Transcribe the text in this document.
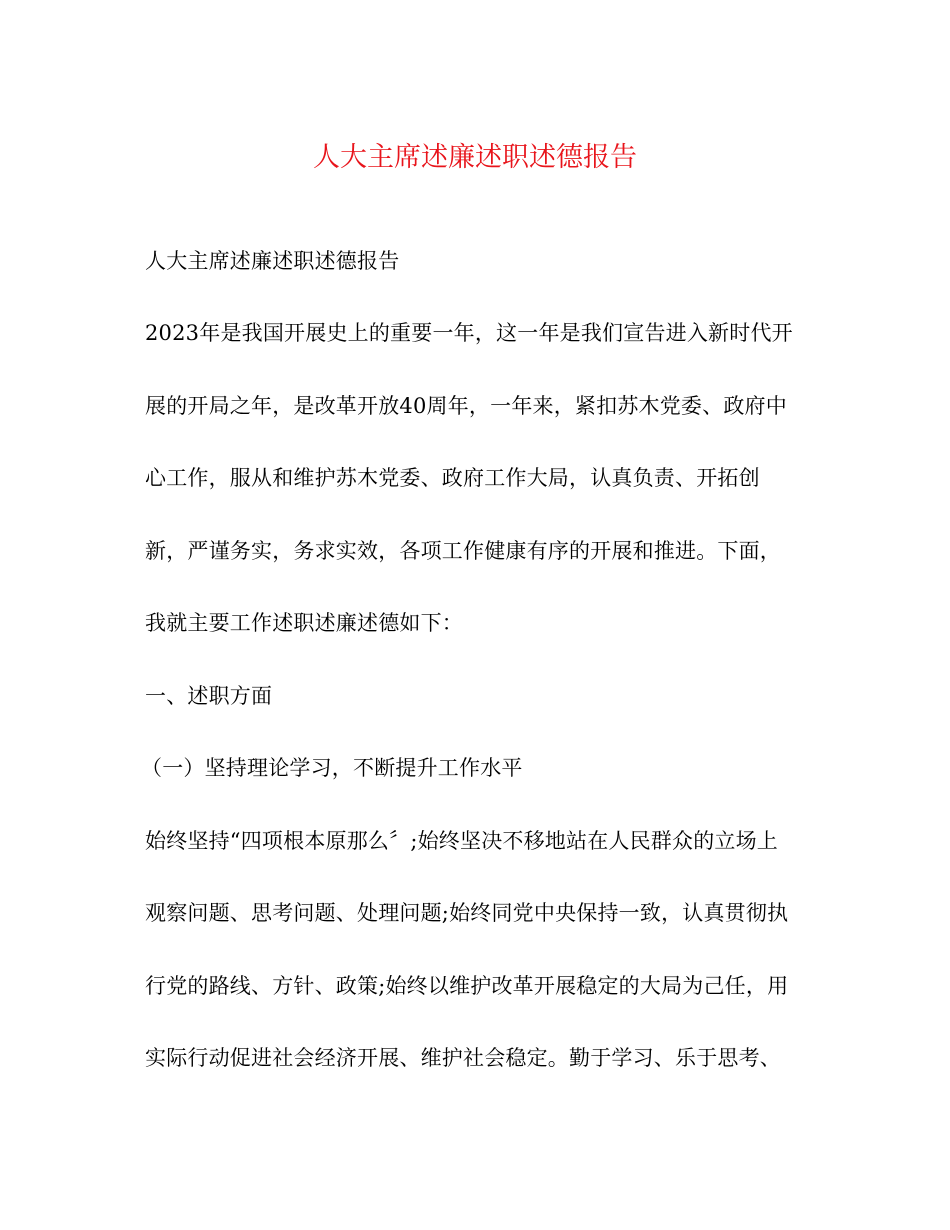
人大主席述廉述职述德报告
人大主席述廉述职述德报告
2023年是我国开展史上的重要一年，这一年是我们宣告进入新时代开
展的开局之年，是改革开放40周年，一年来，紧扣苏木党委、政府中
心工作，服从和维护苏木党委、政府工作大局，认真负责、开拓创
新，严谨务实，务求实效，各项工作健康有序的开展和推进。下面，
我就主要工作述职述廉述德如下：
一、述职方面
（一）坚持理论学习，不断提升工作水平
始终坚持“四项根本原那么〞;始终坚决不移地站在人民群众的立场上
观察问题、思考问题、处理问题;始终同党中央保持一致，认真贯彻执
行党的路线、方针、政策;始终以维护改革开展稳定的大局为己任，用
实际行动促进社会经济开展、维护社会稳定。勤于学习、乐于思考、
